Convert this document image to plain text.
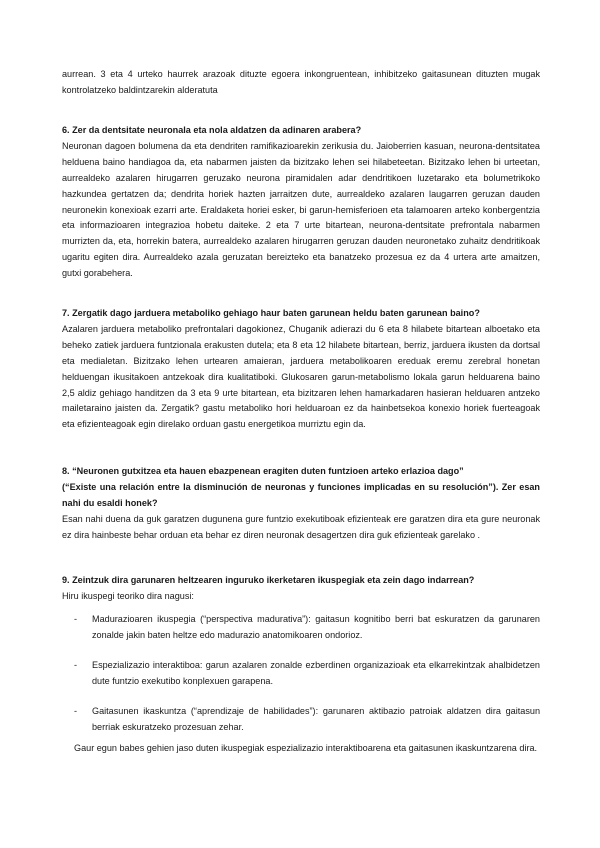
aurrean. 3 eta 4 urteko haurrek arazoak dituzte egoera inkongruentean, inhibitzeko gaitasunean dituzten mugak kontrolatzeko baldintzarekin alderatuta

6. Zer da dentsitate neuronala eta nola aldatzen da adinaren arabera?

Neuronan dagoen bolumena da eta dendriten ramifikazioarekin zerikusia du. Jaioberrien kasuan, neurona-dentsitatea helduena baino handiagoa da, eta nabarmen jaisten da bizitzako lehen sei hilabeteetan. Bizitzako lehen bi urteetan, aurrealdeko azalaren hirugarren geruzako neurona piramidalen adar dendritikoen luzetarako eta bolumetrikoko hazkundea gertatzen da; dendrita horiek hazten jarraitzen dute, aurrealdeko azalaren laugarren geruzan dauden neuronekin konexioak ezarri arte. Eraldaketa horiei esker, bi garun-hemisferioen eta talamoaren arteko konbergentzia eta informazioaren integrazioa hobetu daiteke. 2 eta 7 urte bitartean, neurona-dentsitate prefrontala nabarmen murrizten da, eta, horrekin batera, aurrealdeko azalaren hirugarren geruzan dauden neuronetako zuhaitz dendritikoak ugaritu egiten dira. Aurrealdeko azala geruzatan bereizteko eta banatzeko prozesua ez da 4 urtera arte amaitzen, gutxi gorabehera.

7. Zergatik dago jarduera metaboliko gehiago haur baten garunean heldu baten garunean baino?

Azalaren jarduera metaboliko prefrontalari dagokionez, Chuganik adierazi du 6 eta 8 hilabete bitartean alboetako eta beheko zatiek jarduera funtzionala erakusten dutela; eta 8 eta 12 hilabete bitartean, berriz, jarduera ikusten da dortsal eta medialetan. Bizitzako lehen urtearen amaieran, jarduera metabolikoaren ereduak eremu zerebral honetan helduengan ikusitakoen antzekoak dira kualitatiboki. Glukosaren garun-metabolismo lokala garun helduarena baino 2,5 aldiz gehiago handitzen da 3 eta 9 urte bitartean, eta bizitzaren lehen hamarkadaren hasieran helduaren antzeko mailetaraino jaisten da. Zergatik? gastu metaboliko hori helduaroan ez da hainbetsekoa konexio horiek fuerteagoak eta efizienteagoak egin direlako orduan gastu energetikoa murriztu egin da.

8. “Neuronen gutxitzea eta hauen ebazpenean eragiten duten funtzioen arteko erlazioa dago”

(“Existe una relación entre la disminución de neuronas y funciones implicadas en su resolución”). Zer esan nahi du esaldi honek?

Esan nahi duena da guk garatzen dugunena gure funtzio exekutiboak efizienteak ere garatzen dira eta gure neuronak ez dira hainbeste behar orduan eta behar ez diren neuronak desagertzen dira guk efizienteak garelako .

9. Zeintzuk dira garunaren heltzearen inguruko ikerketaren ikuspegiak eta zein dago indarrean?

Hiru ikuspegi teoriko dira nagusi:

- Madurazioaren ikuspegia (“perspectiva madurativa”): gaitasun kognitibo berri bat eskuratzen da garunaren zonalde jakin baten heltze edo madurazio anatomikoaren ondorioz.

- Espezializazio interaktiboa: garun azalaren zonalde ezberdinen organizazioak eta elkarrekintzak ahalbidetzen dute funtzio exekutibo konplexuen garapena.

- Gaitasunen ikaskuntza (“aprendizaje de habilidades”): garunaren aktibazio patroiak aldatzen dira gaitasun berriak eskuratzeko prozesuan zehar.

Gaur egun babes gehien jaso duten ikuspegiak espezializazio interaktiboarena eta gaitasunen ikaskuntzarena dira.
